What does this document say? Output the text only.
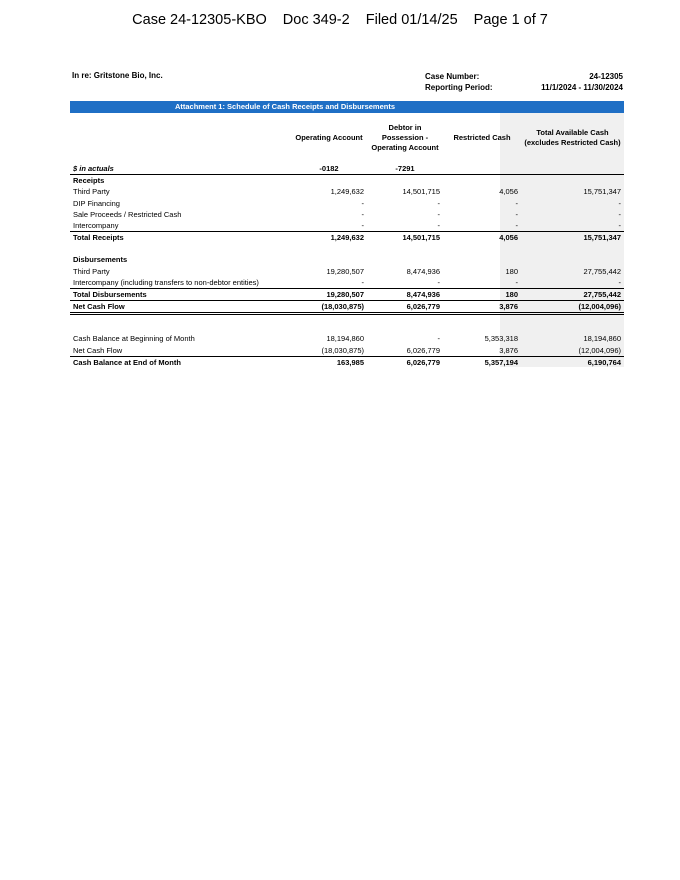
Case 24-12305-KBO Doc 349-2 Filed 01/14/25 Page 1 of 7
In re: Gritstone Bio, Inc.	Case Number:	24-12305
Reporting Period:	11/1/2024 - 11/30/2024
Attachment 1: Schedule of Cash Receipts and Disbursements
	Operating Account	Debtor in Possession - Operating Account	Restricted Cash	Total Available Cash (excludes Restricted Cash)
$ in actuals	-0182	-7291		
Receipts				
Third Party	1,249,632	14,501,715	4,056	15,751,347
DIP Financing	-	-	-	-
Sale Proceeds / Restricted Cash	-	-	-	-
Intercompany	-	-	-	-
Total Receipts	1,249,632	14,501,715	4,056	15,751,347

Disbursements				
Third Party	19,280,507	8,474,936	180	27,755,442
Intercompany (including transfers to non-debtor entities)	-	-	-	-
Total Disbursements	19,280,507	8,474,936	180	27,755,442
Net Cash Flow	(18,030,875)	6,026,779	3,876	(12,004,096)

Cash Balance at Beginning of Month	18,194,860	-	5,353,318	18,194,860
Net Cash Flow	(18,030,875)	6,026,779	3,876	(12,004,096)
Cash Balance at End of Month	163,985	6,026,779	5,357,194	6,190,764
